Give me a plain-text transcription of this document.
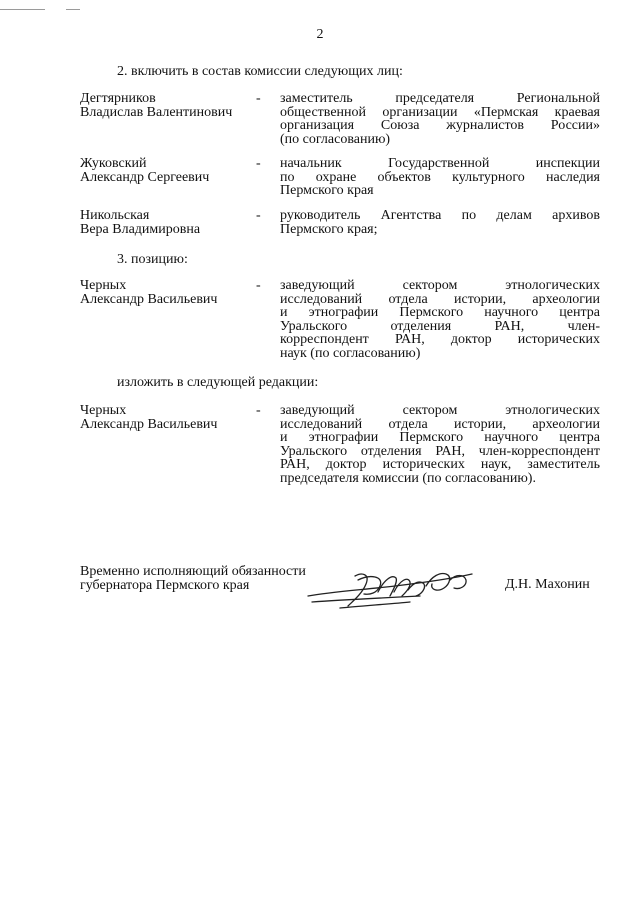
2
2. включить в состав комиссии следующих лиц:
Дегтярников
Владислав Валентинович
- заместитель председателя Региональной
общественной организации «Пермская краевая
организация Союза журналистов России»
(по согласованию)
Жуковский
Александр Сергеевич
- начальник Государственной инспекции
по охране объектов культурного наследия
Пермского края
Никольская
Вера Владимировна
- руководитель Агентства по делам архивов
Пермского края;
3. позицию:
Черных
Александр Васильевич
- заведующий сектором этнологических
исследований отдела истории, археологии
и этнографии Пермского научного центра
Уральского отделения РАН, член-
корреспондент РАН, доктор исторических
наук (по согласованию)
изложить в следующей редакции:
Черных
Александр Васильевич
- заведующий сектором этнологических
исследований отдела истории, археологии
и этнографии Пермского научного центра
Уральского отделения РАН, член-корреспондент
РАН, доктор исторических наук, заместитель
председателя комиссии (по согласованию).
Временно исполняющий обязанности
губернатора Пермского края	Д.Н. Махонин
